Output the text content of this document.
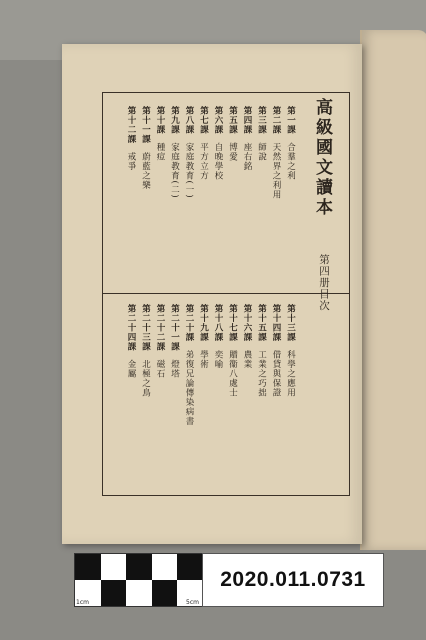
高級國文讀本
第四册目次
第一課合羣之利
第二課天然界之利用
第三課師說
第四課座右銘
第五課博愛
第六課自晚學校
第七課平方立方
第八課家庭教育(一)
第九課家庭教育(二)
第十課種痘
第十一課蔚藍之樂
第十二課戒爭
第十三課科學之應用
第十四課借貸與保證
第十五課工業之巧拙
第十六課農業
第十七課贈衞八處士
第十八課奕喻
第十九課學術
第二十課弟復兄論傳染病書
第二十一課燈塔
第二十二課磁石
第二十三課北極之鳥
第二十四課金屬
1cm	5cm
2020.011.0731
